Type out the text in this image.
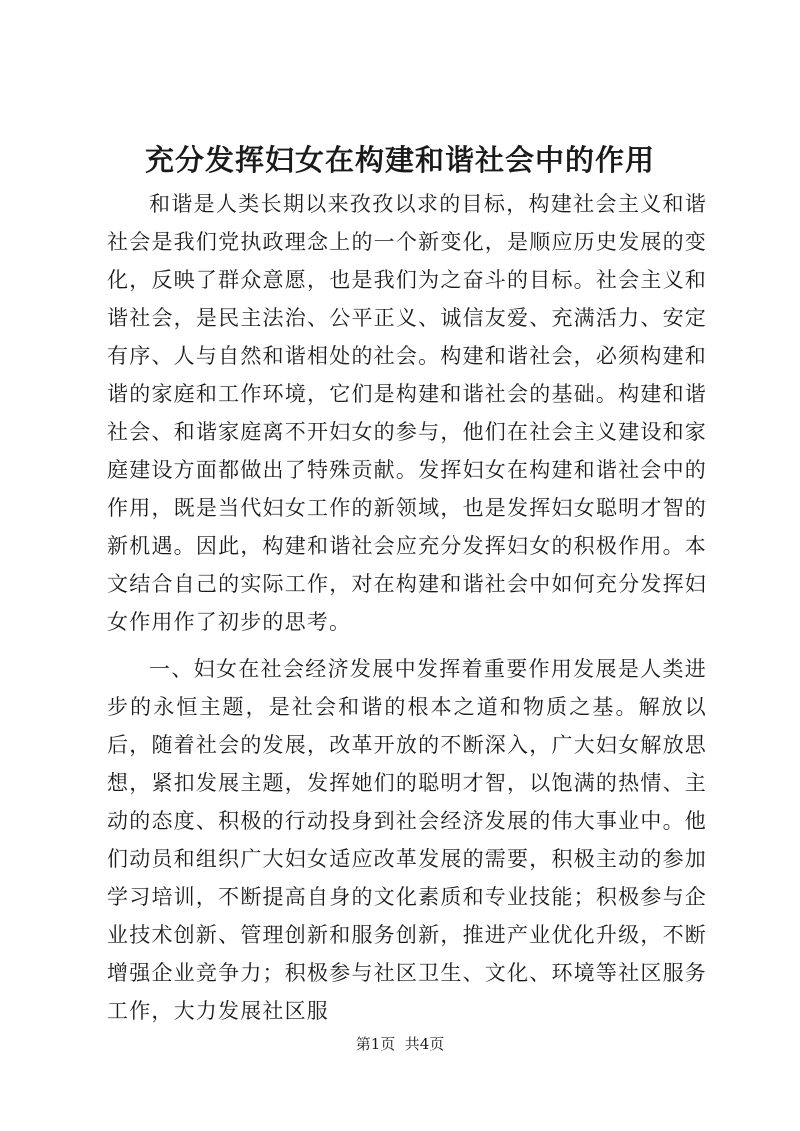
充分发挥妇女在构建和谐社会中的作用

和谐是人类长期以来孜孜以求的目标，构建社会主义和谐社会是我们党执政理念上的一个新变化，是顺应历史发展的变化，反映了群众意愿，也是我们为之奋斗的目标。社会主义和谐社会，是民主法治、公平正义、诚信友爱、充满活力、安定有序、人与自然和谐相处的社会。构建和谐社会，必须构建和谐的家庭和工作环境，它们是构建和谐社会的基础。构建和谐社会、和谐家庭离不开妇女的参与，他们在社会主义建设和家庭建设方面都做出了特殊贡献。发挥妇女在构建和谐社会中的作用，既是当代妇女工作的新领域，也是发挥妇女聪明才智的新机遇。因此，构建和谐社会应充分发挥妇女的积极作用。本文结合自己的实际工作，对在构建和谐社会中如何充分发挥妇女作用作了初步的思考。

一、妇女在社会经济发展中发挥着重要作用发展是人类进步的永恒主题，是社会和谐的根本之道和物质之基。解放以后，随着社会的发展，改革开放的不断深入，广大妇女解放思想，紧扣发展主题，发挥她们的聪明才智，以饱满的热情、主动的态度、积极的行动投身到社会经济发展的伟大事业中。他们动员和组织广大妇女适应改革发展的需要，积极主动的参加学习培训，不断提高自身的文化素质和专业技能；积极参与企业技术创新、管理创新和服务创新，推进产业优化升级，不断增强企业竞争力；积极参与社区卫生、文化、环境等社区服务工作，大力发展社区服

第1页  共4页
